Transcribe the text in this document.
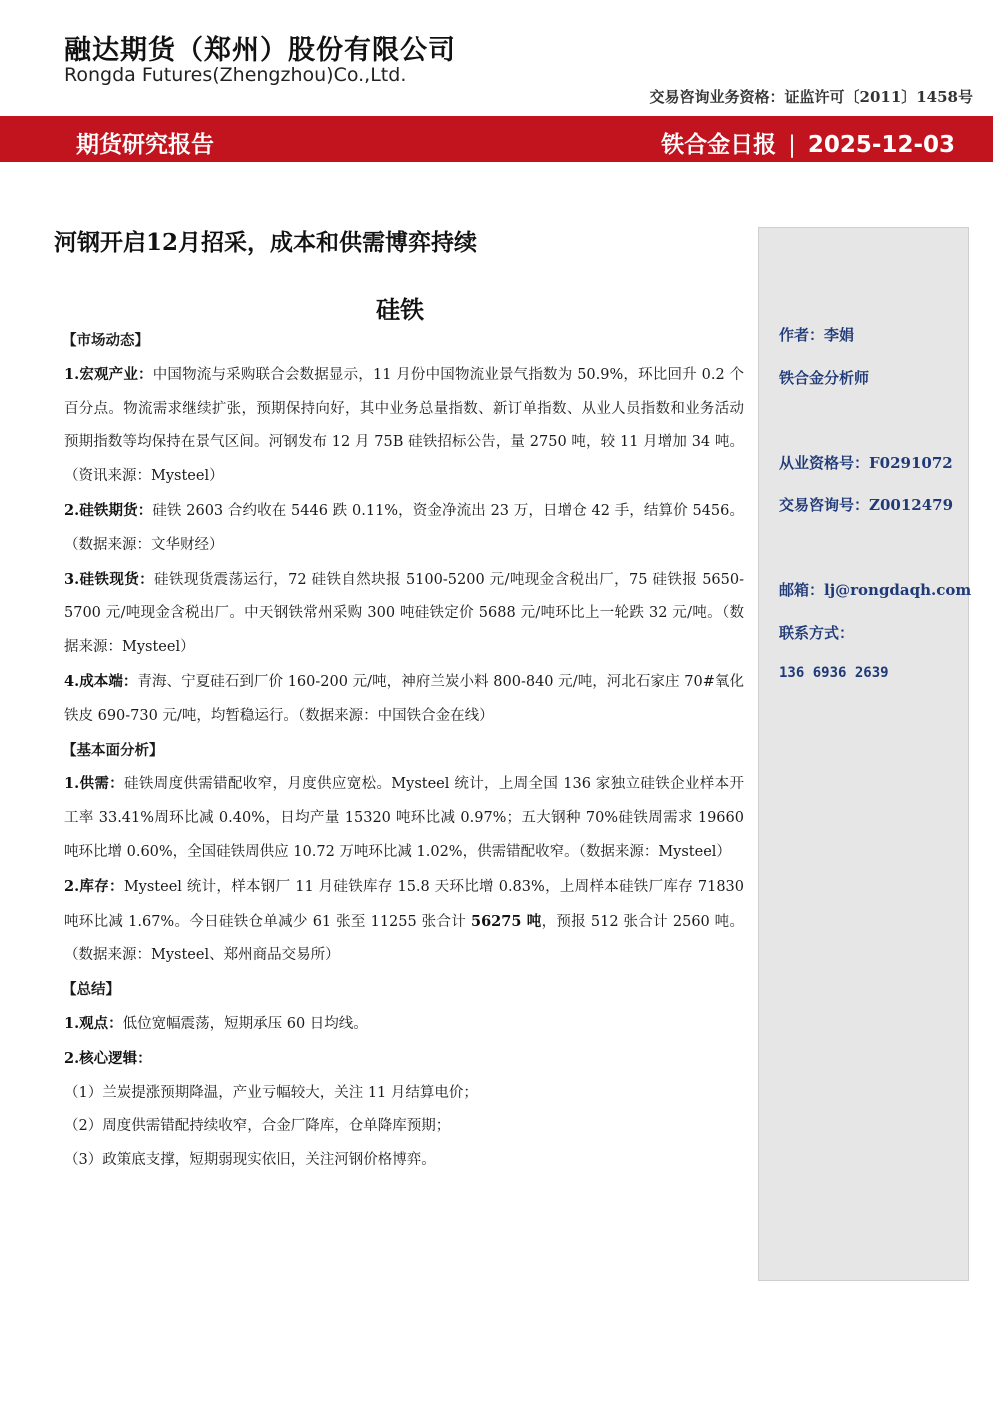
融达期货（郑州）股份有限公司
Rongda Futures(Zhengzhou)Co.,Ltd.
交易咨询业务资格：证监许可〔2011〕1458号
期货研究报告	铁合金日报 | 2025-12-03
河钢开启12月招采，成本和供需博弈持续
硅铁

【市场动态】

1.宏观产业：中国物流与采购联合会数据显示，11 月份中国物流业景气指数为 50.9%，环比回升 0.2 个百分点。物流需求继续扩张，预期保持向好，其中业务总量指数、新订单指数、从业人员指数和业务活动预期指数等均保持在景气区间。河钢发布 12 月 75B 硅铁招标公告，量 2750 吨，较 11 月增加 34 吨。（资讯来源：Mysteel）

2.硅铁期货：硅铁 2603 合约收在 5446 跌 0.11%，资金净流出 23 万，日增仓 42 手，结算价 5456。（数据来源：文华财经）

3.硅铁现货：硅铁现货震荡运行，72 硅铁自然块报 5100-5200 元/吨现金含税出厂，75 硅铁报 5650-5700 元/吨现金含税出厂。中天钢铁常州采购 300 吨硅铁定价 5688 元/吨环比上一轮跌 32 元/吨。（数据来源：Mysteel）

4.成本端：青海、宁夏硅石到厂价 160-200 元/吨，神府兰炭小料 800-840 元/吨，河北石家庄 70#氧化铁皮 690-730 元/吨，均暂稳运行。（数据来源：中国铁合金在线）

【基本面分析】

1.供需：硅铁周度供需错配收窄，月度供应宽松。Mysteel 统计，上周全国 136 家独立硅铁企业样本开工率 33.41%周环比减 0.40%，日均产量 15320 吨环比减 0.97%；五大钢种 70%硅铁周需求 19660 吨环比增 0.60%，全国硅铁周供应 10.72 万吨环比减 1.02%，供需错配收窄。（数据来源：Mysteel）

2.库存：Mysteel 统计，样本钢厂 11 月硅铁库存 15.8 天环比增 0.83%，上周样本硅铁厂库存 71830 吨环比减 1.67%。今日硅铁仓单减少 61 张至 11255 张合计 56275 吨，预报 512 张合计 2560 吨。（数据来源：Mysteel、郑州商品交易所）

【总结】

1.观点：低位宽幅震荡，短期承压 60 日均线。

2.核心逻辑：

（1）兰炭提涨预期降温，产业亏幅较大，关注 11 月结算电价；

（2）周度供需错配持续收窄，合金厂降库，仓单降库预期；

（3）政策底支撑，短期弱现实依旧，关注河钢价格博弈。

作者：李娟
铁合金分析师
从业资格号：F0291072
交易咨询号：Z0012479
邮箱：lj@rongdaqh.com
联系方式：
136 6936 2639
